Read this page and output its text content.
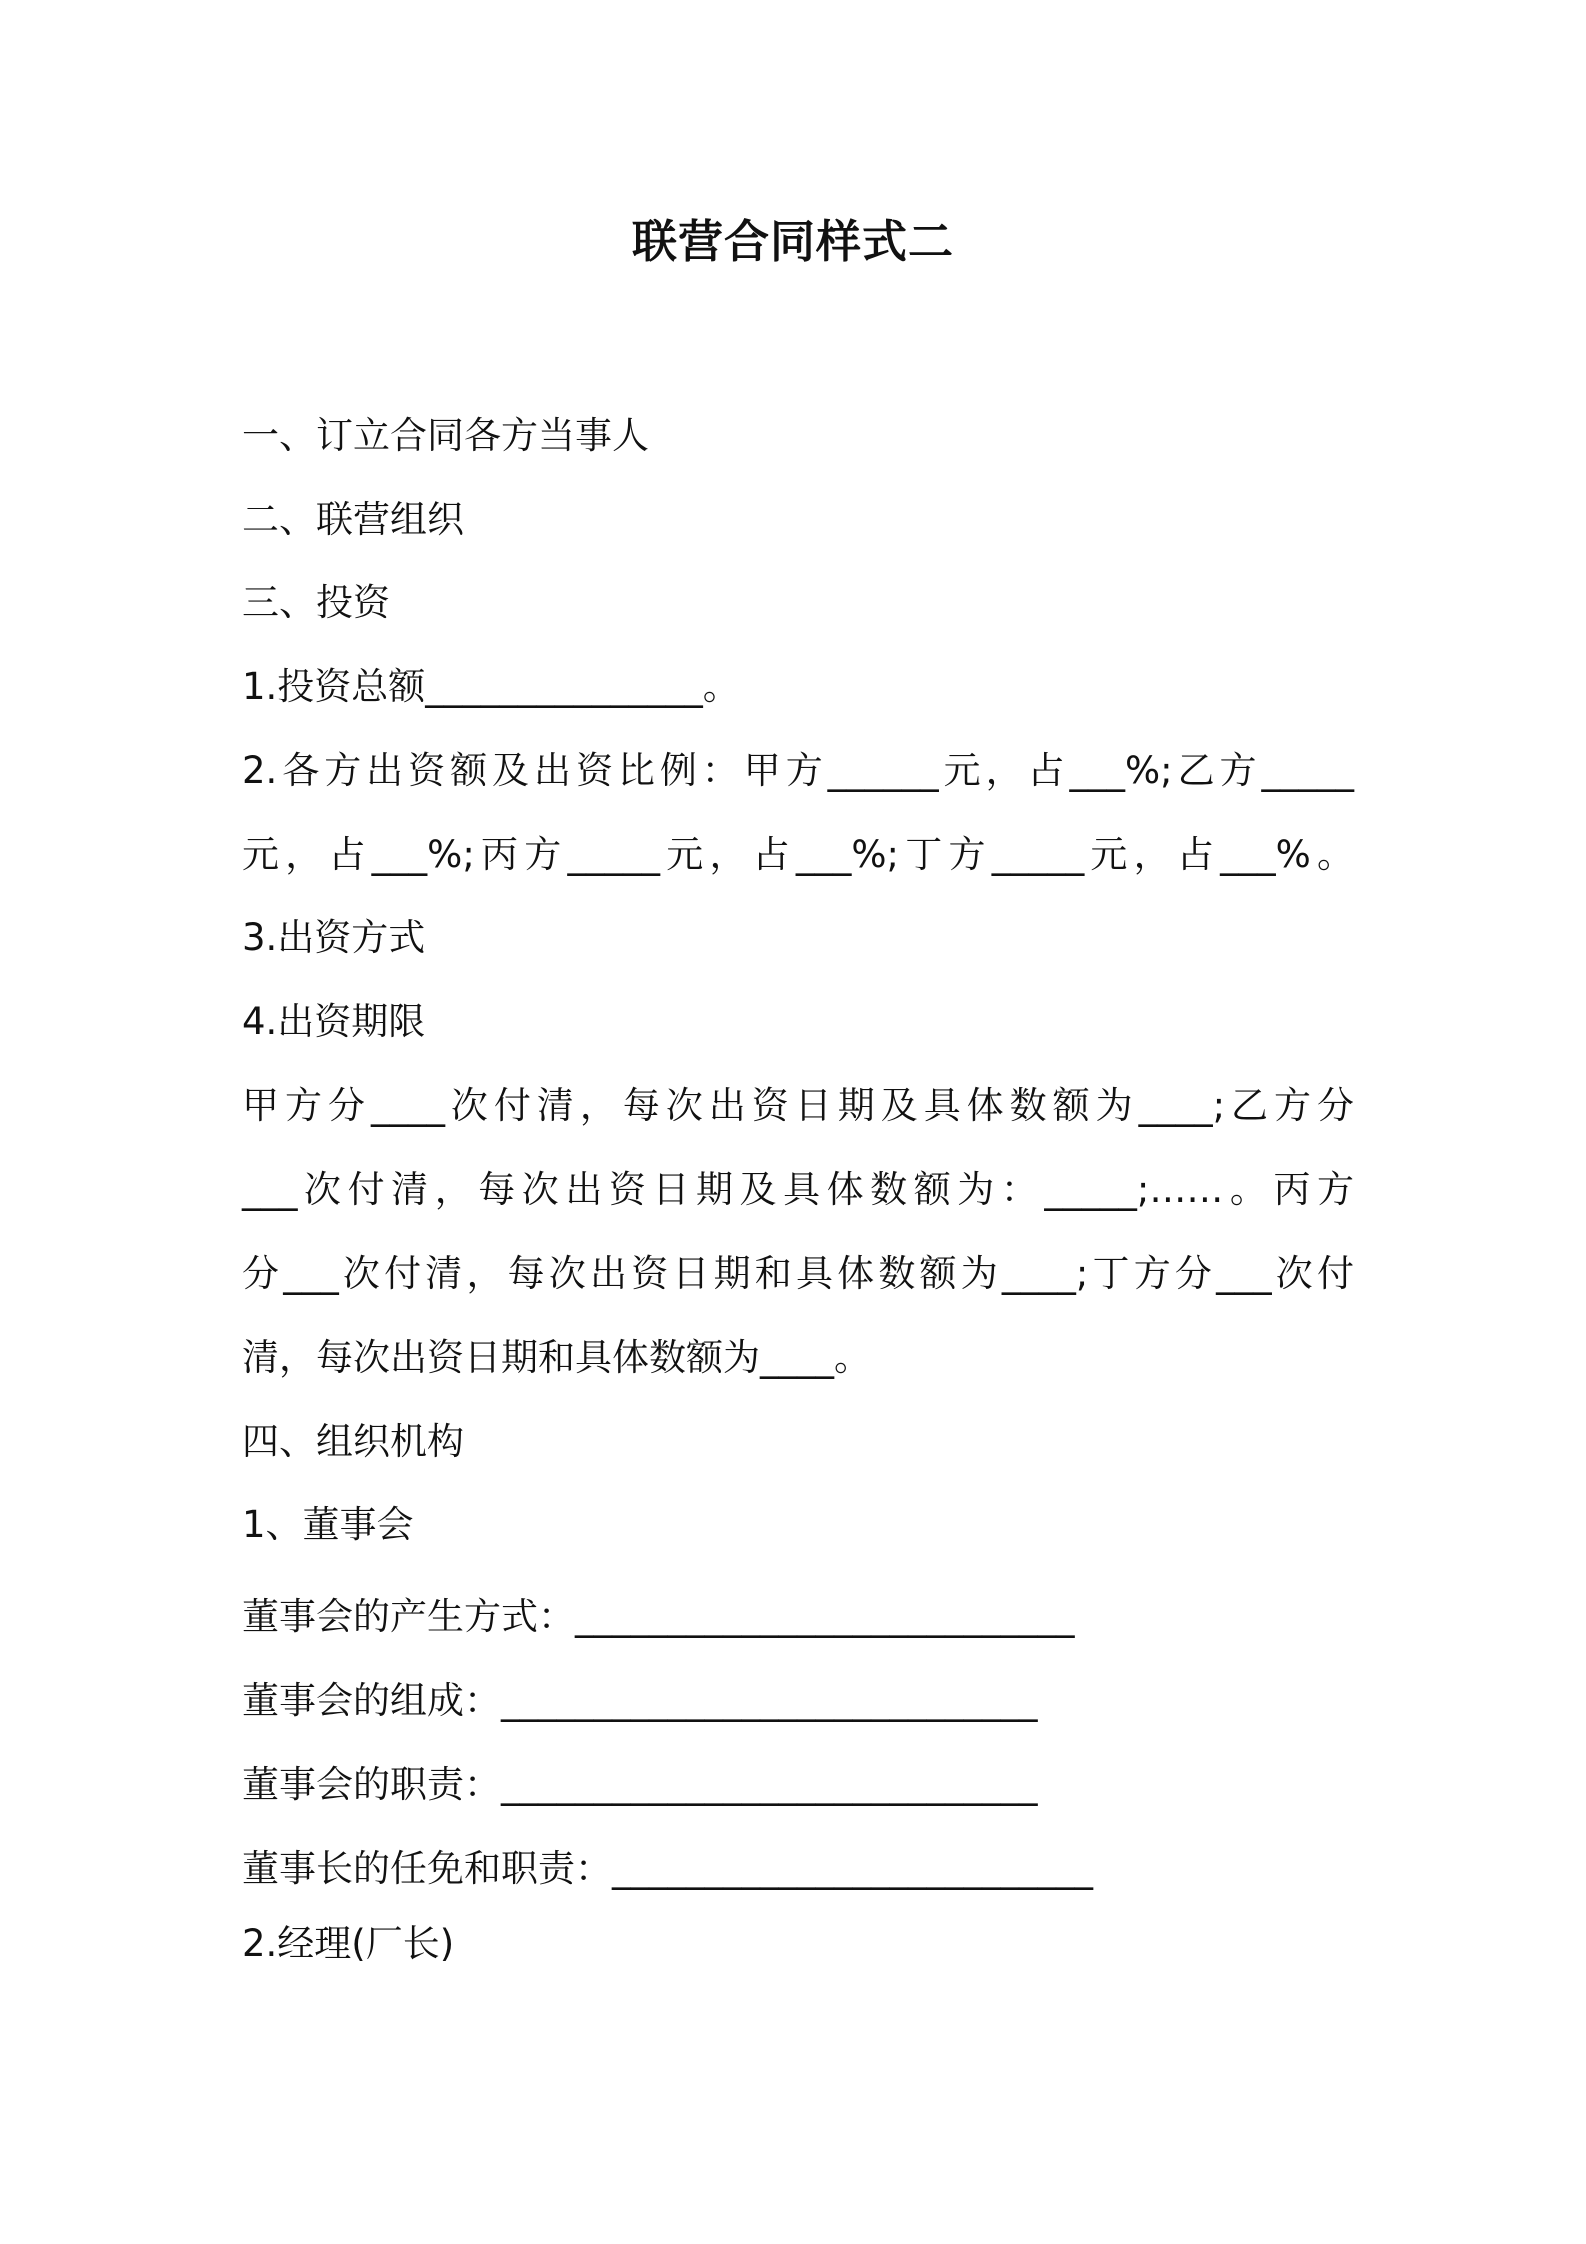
联营合同样式二
一、订立合同各方当事人
二、联营组织
三、投资
1.投资总额_______________。
2.各方出资额及出资比例：甲方______元，占___%;乙方_____
元，占___%;丙方_____元，占___%;丁方_____元，占___%。
3.出资方式
4.出资期限
甲方分____次付清，每次出资日期及具体数额为____;乙方分
___次付清，每次出资日期及具体数额为：_____;……。丙方
分___次付清，每次出资日期和具体数额为____;丁方分___次付
清，每次出资日期和具体数额为____。
四、组织机构
1、董事会
董事会的产生方式：___________________________
董事会的组成：_____________________________
董事会的职责：_____________________________
董事长的任免和职责：__________________________
2.经理(厂长)
